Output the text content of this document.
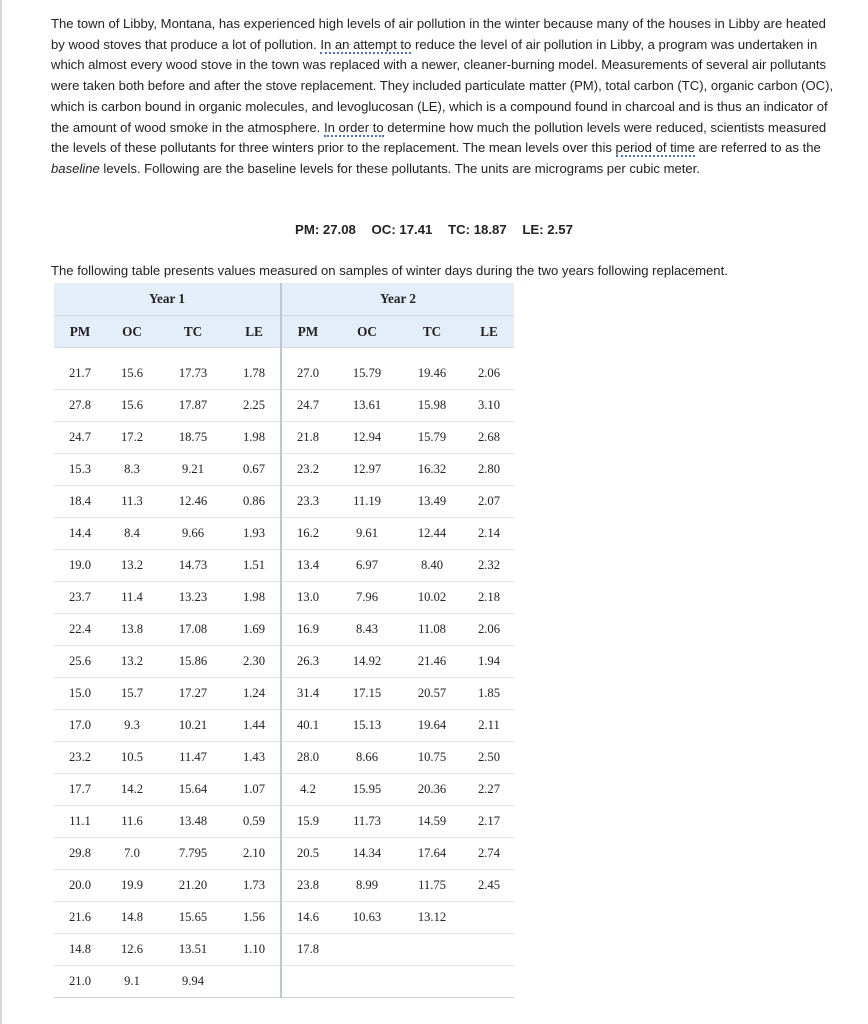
The town of Libby, Montana, has experienced high levels of air pollution in the winter because many of the houses in Libby are heated by wood stoves that produce a lot of pollution. In an attempt to reduce the level of air pollution in Libby, a program was undertaken in which almost every wood stove in the town was replaced with a newer, cleaner-burning model. Measurements of several air pollutants were taken both before and after the stove replacement. They included particulate matter (PM), total carbon (TC), organic carbon (OC), which is carbon bound in organic molecules, and levoglucosan (LE), which is a compound found in charcoal and is thus an indicator of the amount of wood smoke in the atmosphere. In order to determine how much the pollution levels were reduced, scientists measured the levels of these pollutants for three winters prior to the replacement. The mean levels over this period of time are referred to as the baseline levels. Following are the baseline levels for these pollutants. The units are micrograms per cubic meter.

PM: 27.08 OC: 17.41 TC: 18.87 LE: 2.57
The following table presents values measured on samples of winter days during the two years following replacement.
Year 1				Year 2			
PM	OC	TC	LE	PM	OC	TC	LE

21.7	15.6	17.73	1.78	27.0	15.79	19.46	2.06
27.8	15.6	17.87	2.25	24.7	13.61	15.98	3.10
24.7	17.2	18.75	1.98	21.8	12.94	15.79	2.68
15.3	8.3	9.21	0.67	23.2	12.97	16.32	2.80
18.4	11.3	12.46	0.86	23.3	11.19	13.49	2.07
14.4	8.4	9.66	1.93	16.2	9.61	12.44	2.14
19.0	13.2	14.73	1.51	13.4	6.97	8.40	2.32
23.7	11.4	13.23	1.98	13.0	7.96	10.02	2.18
22.4	13.8	17.08	1.69	16.9	8.43	11.08	2.06
25.6	13.2	15.86	2.30	26.3	14.92	21.46	1.94
15.0	15.7	17.27	1.24	31.4	17.15	20.57	1.85
17.0	9.3	10.21	1.44	40.1	15.13	19.64	2.11
23.2	10.5	11.47	1.43	28.0	8.66	10.75	2.50
17.7	14.2	15.64	1.07	4.2	15.95	20.36	2.27
11.1	11.6	13.48	0.59	15.9	11.73	14.59	2.17
29.8	7.0	7.795	2.10	20.5	14.34	17.64	2.74
20.0	19.9	21.20	1.73	23.8	8.99	11.75	2.45
21.6	14.8	15.65	1.56	14.6	10.63	13.12	
14.8	12.6	13.51	1.10	17.8			
21.0	9.1	9.94					
